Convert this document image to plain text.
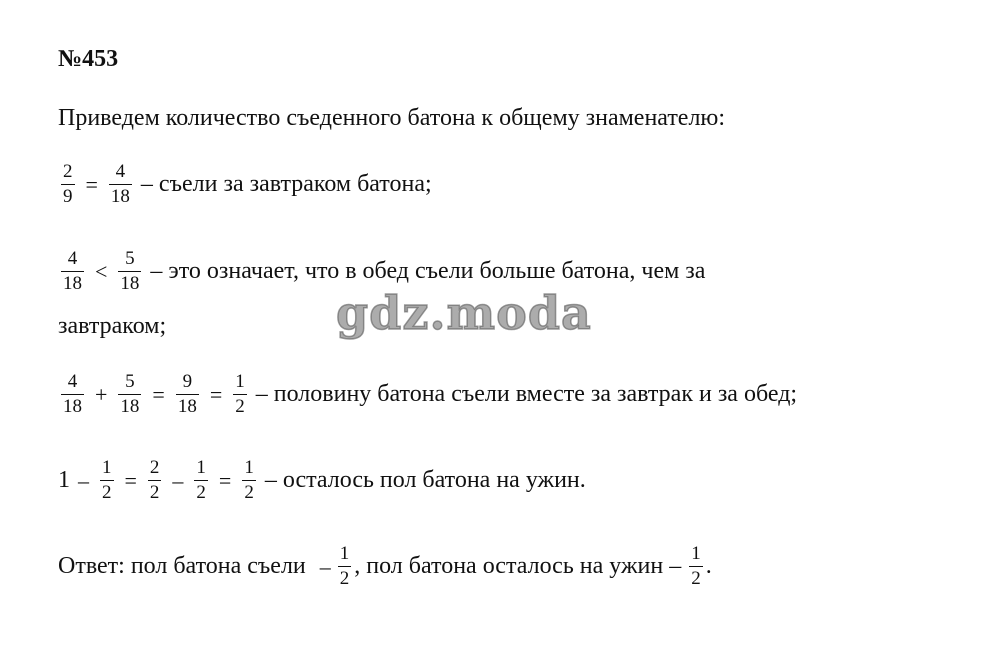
№453
Приведем количество съеденного батона к общему знаменателю:
$\frac{2}{9} = \frac{4}{18}$ – съели за завтраком батона;
$\frac{4}{18} < \frac{5}{18}$ – это означает, что в обед съели больше батона, чем за
завтраком;
$\frac{4}{18} + \frac{5}{18} = \frac{9}{18} = \frac{1}{2}$ – половину батона съели вместе за завтрак и за обед;
$1 - \frac{1}{2} = \frac{2}{2} - \frac{1}{2} = \frac{1}{2}$ – осталось пол батона на ужин.
Ответ: пол батона съели – $\frac{1}{2}$ , пол батона осталось на ужин – $\frac{1}{2}$ .
gdz.moda
